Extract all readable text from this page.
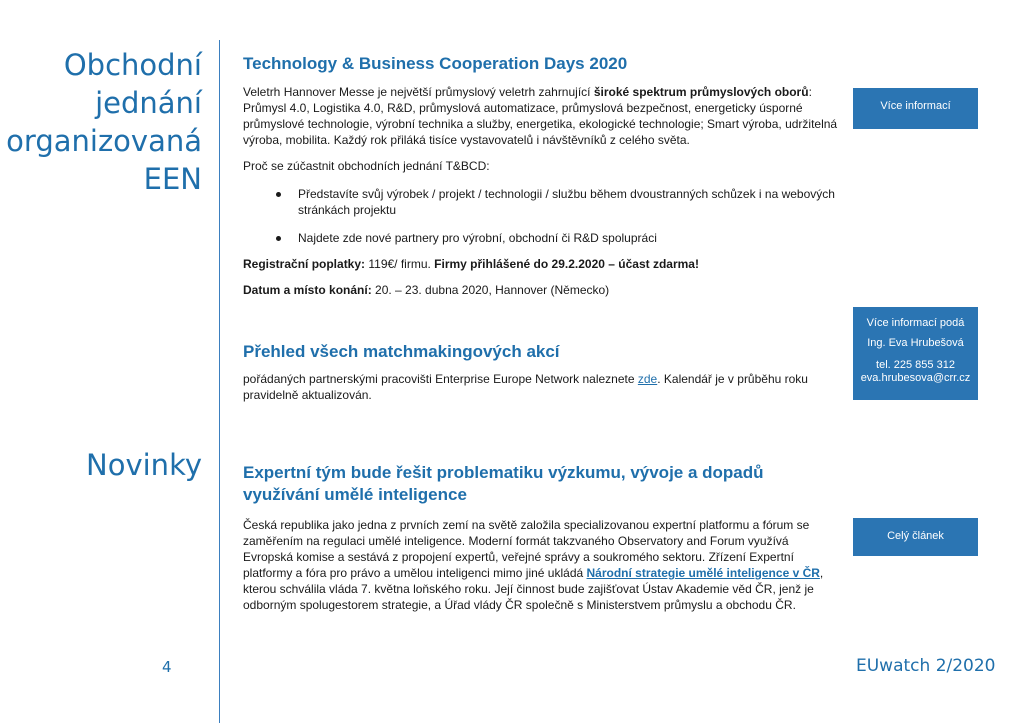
Obchodní
jednání
organizovaná
EEN
Novinky
Technology & Business Cooperation Days 2020

Veletrh Hannover Messe je největší průmyslový veletrh zahrnující široké spektrum průmyslových oborů: Průmysl 4.0, Logistika 4.0, R&D, průmyslová automatizace, průmyslová bezpečnost, energeticky úsporné průmyslové technologie, výrobní technika a služby, energetika, ekologické technologie; Smart výroba, udržitelná výroba, mobilita. Každý rok přiláká tisíce vystavovatelů i návštěvníků z celého světa.

Proč se zúčastnit obchodních jednání T&BCD:

Představíte svůj výrobek / projekt / technologii / službu během dvoustranných schůzek i na webových stránkách projektu
Najdete zde nové partnery pro výrobní, obchodní či R&D spolupráci

Registrační poplatky: 119€/ firmu. Firmy přihlášené do 29.2.2020 – účast zdarma!

Datum a místo konání: 20. – 23. dubna 2020, Hannover (Německo)

Přehled všech matchmakingových akcí

pořádaných partnerskými pracovišti Enterprise Europe Network naleznete zde. Kalendář je v průběhu roku pravidelně aktualizován.

Expertní tým bude řešit problematiku výzkumu, vývoje a dopadů využívání umělé inteligence

Česká republika jako jedna z prvních zemí na světě založila specializovanou expertní platformu a fórum se zaměřením na regulaci umělé inteligence. Moderní formát takzvaného Observatory and Forum využívá Evropská komise a sestává z propojení expertů, veřejné správy a soukromého sektoru. Zřízení Expertní platformy a fóra pro právo a umělou inteligenci mimo jiné ukládá Národní strategie umělé inteligence v ČR, kterou schválila vláda 7. května loňského roku. Její činnost bude zajišťovat Ústav Akademie věd ČR, jenž je odborným spolugestorem strategie, a Úřad vlády ČR společně s Ministerstvem průmyslu a obchodu ČR.

Více informací
Více informací podá
Ing. Eva Hrubešová
tel. 225 855 312
eva.hrubesova@crr.cz
Celý článek
4	EUwatch 2/2020
